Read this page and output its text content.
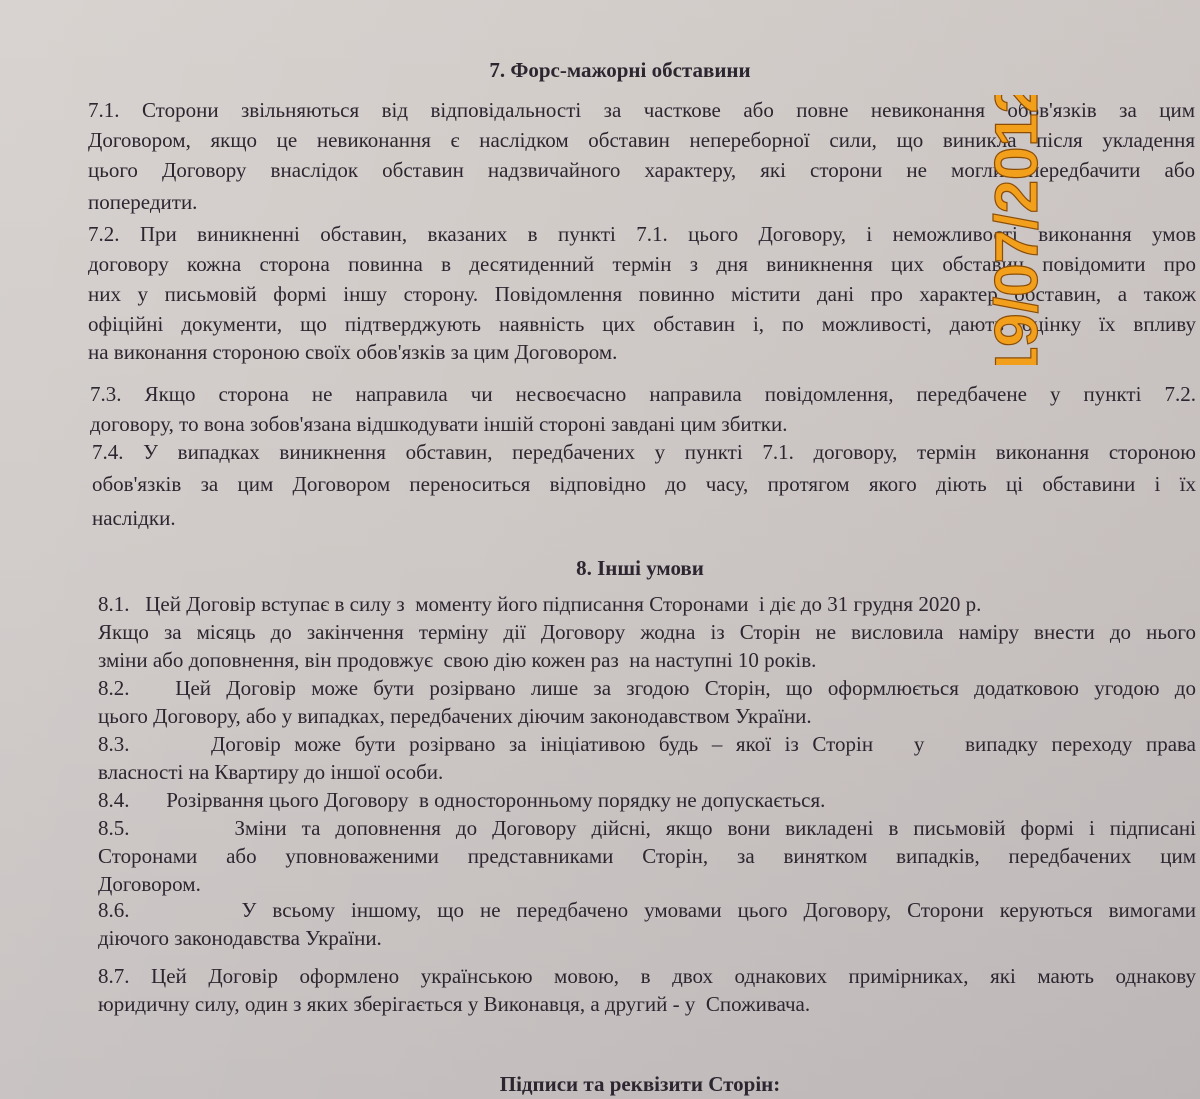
7. Форс-мажорні обставини
7.1. Сторони звільняються від відповідальності за часткове або повне невиконання обов'язків за цим
Договором, якщо це невиконання є наслідком обставин непереборної сили, що виникла після укладення
цього Договору внаслідок обставин надзвичайного характеру, які сторони не могли передбачити або
попередити.
7.2. При виникненні обставин, вказаних в пункті 7.1. цього Договору, і неможливості виконання умов
договору кожна сторона повинна в десятиденний термін з дня виникнення цих обставин повідомити про
них у письмовій формі іншу сторону. Повідомлення повинно містити дані про характер обставин, а також
офіційні документи, що підтверджують наявність цих обставин і, по можливості, дають оцінку їх впливу
на виконання стороною своїх обов'язків за цим Договором.
7.3. Якщо сторона не направила чи несвоєчасно направила повідомлення, передбачене у пункті 7.2.
договору, то вона зобов'язана відшкодувати іншій стороні завдані цим збитки.
7.4. У випадках виникнення обставин, передбачених у пункті 7.1. договору, термін виконання стороною
обов'язків за цим Договором переноситься відповідно до часу, протягом якого діють ці обставини і їх
наслідки.
8. Інші умови
8.1.   Цей Договір вступає в силу з  моменту його підписання Сторонами  і діє до 31 грудня 2020 р.
Якщо за місяць до закінчення терміну дії Договору жодна із Сторін не висловила наміру внести до нього
зміни або доповнення, він продовжує  свою дію кожен раз  на наступні 10 років.
8.2.   Цей Договір може бути розірвано лише за згодою Сторін, що оформлюється додатковою угодою до
цього Договору, або у випадках, передбачених діючим законодавством України.
8.3.      Договір може бути розірвано за ініціативою будь – якої із Сторін   у   випадку переходу права
власності на Квартиру до іншої особи.
8.4.       Розірвання цього Договору  в односторонньому порядку не допускається.
8.5.       Зміни та доповнення до Договору дійсні, якщо вони викладені в письмовій формі і підписані
Сторонами або уповноваженими представниками Сторін, за винятком випадків, передбачених цим
Договором.
8.6.       У всьому іншому, що не передбачено умовами цього Договору, Сторони керуються вимогами
діючого законодавства України.
8.7. Цей Договір оформлено українською мовою, в двох однакових примірниках, які мають однакову
юридичну силу, один з яких зберігається у Виконавця, а другий - у  Споживача.
Підписи та реквізити Сторін:
19/07/2012
